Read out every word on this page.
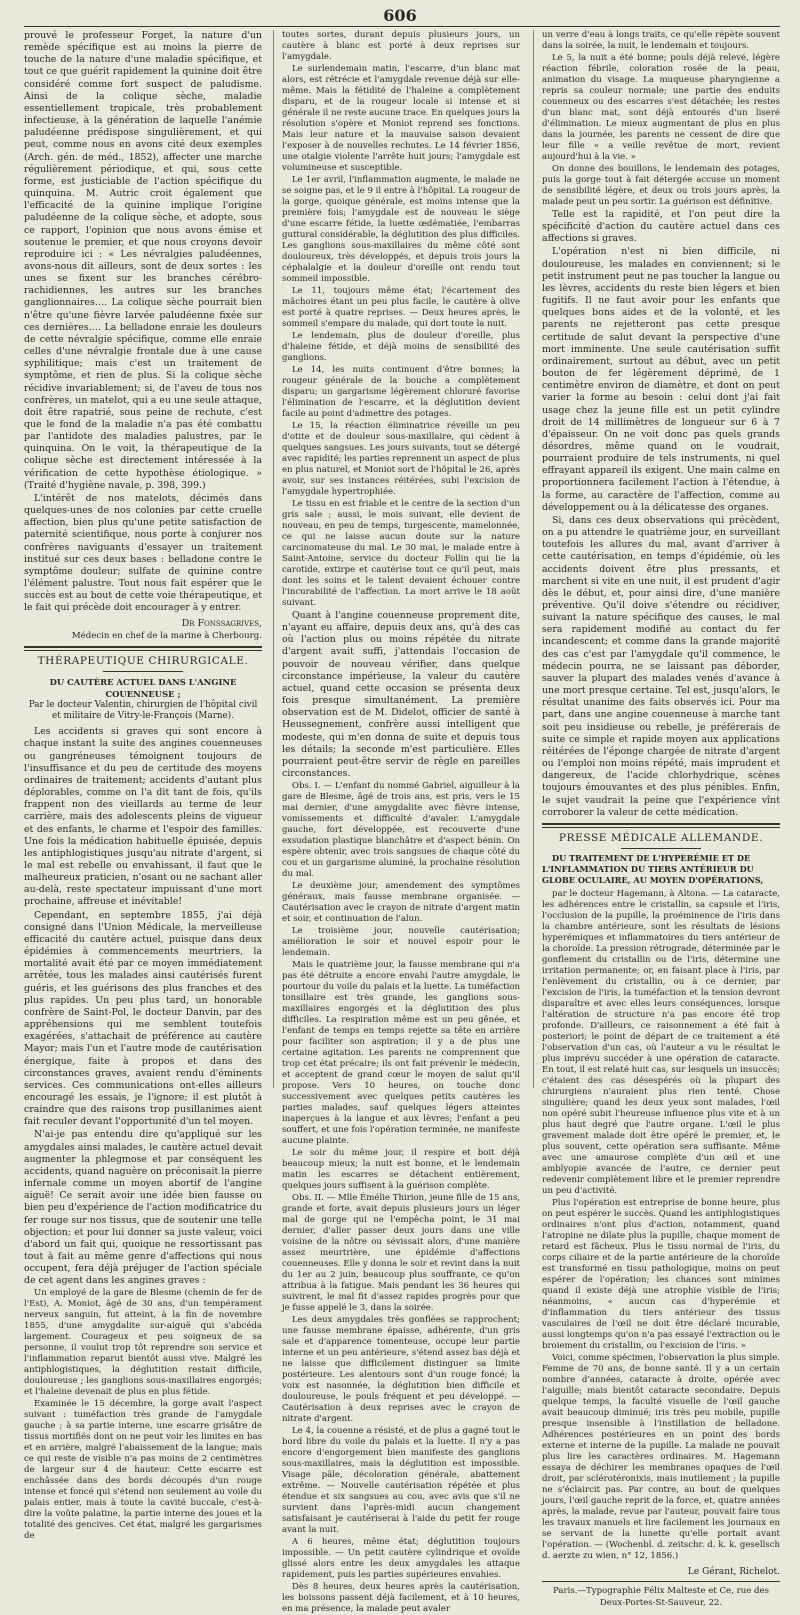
606

prouvé le professeur Forget, la nature d'un remède spécifique est au moins la pierre de touche de la nature d'une maladie spécifique, et tout ce que guérit rapidement la quinine doit être considéré comme fort suspect de paludisme. Ainsi de la colique sèche, maladie essentiellement tropicale, très probablement infectieuse, à la génération de laquelle l'anémie paludéenne prédispose singulièrement, et qui peut, comme nous en avons cité deux exemples (Arch. gén. de méd., 1852), affecter une marche régulièrement périodique, et qui, sous cette forme, est justiciable de l'action spécifique du quinquina. M. Autric croit également que l'efficacité de la quinine implique l'origine paludéenne de la colique sèche, et adopte, sous ce rapport, l'opinion que nous avons émise et soutenue le premier, et que nous croyons devoir reproduire ici : « Les névralgies paludéennes, avons-nous dit ailleurs, sont de deux sortes : les unes se fixent sur les branches cérébro-rachidiennes, les autres sur les branches ganglionnaires…. La colique sèche pourrait bien n'être qu'une fièvre larvée paludéenne fixée sur ces dernières…. La belladone enraie les douleurs de cette névralgie spécifique, comme elle enraie celles d'une névralgie frontale due à une cause syphilitique; mais c'est un traitement de symptôme, et rien de plus. Si la colique sèche récidive invariablement; si, de l'aveu de tous nos confrères, un matelot, qui a eu une seule attaque, doit être rapatrié, sous peine de rechute, c'est que le fond de la maladie n'a pas été combattu par l'antidote des maladies palustres, par le quinquina. On le voit, la thérapeutique de la colique sèche est directement intéressée à la vérification de cette hypothèse étiologique. » (Traité d'hygiène navale, p. 398, 399.)

L'intérêt de nos matelots, décimés dans quelques-unes de nos colonies par cette cruelle affection, bien plus qu'une petite satisfaction de paternité scientifique, nous porte à conjurer nos confrères naviguants d'essayer un traitement institué sur ces deux bases : belladone contre le symptôme douleur; sulfate de quinine contre l'élément palustre. Tout nous fait espérer que le succès est au bout de cette voie thérapeutique, et le fait qui précède doit encourager à y entrer.

Dr Fonssagrives,
Médecin en chef de la marine à Cherbourg.
THÉRAPEUTIQUE CHIRURGICALE.
DU CAUTÈRE ACTUEL DANS L'ANGINE COUENNEUSE ;
Par le docteur Valentin, chirurgien de l'hôpital civil et militaire de Vitry-le-François (Marne).

Les accidents si graves qui sont encore à chaque instant la suite des angines couenneuses ou gangréneuses témoignent toujours de l'insuffisance et du peu de certitude des moyens ordinaires de traitement; accidents d'autant plus déplorables, comme on l'a dit tant de fois, qu'ils frappent non des vieillards au terme de leur carrière, mais des adolescents pleins de vigueur et des enfants, le charme et l'espoir des familles. Une fois la médication habituelle épuisée, depuis les antiphlogistiques jusqu'au nitrate d'argent, si le mal est rebelle ou envahissant, il faut que le malheureux praticien, n'osant ou ne sachant aller au-delà, reste spectateur impuissant d'une mort prochaine, affreuse et inévitable!

Cependant, en septembre 1855, j'ai déjà consigné dans l'Union Médicale, la merveilleuse efficacité du cautère actuel, puisque dans deux épidémies à commencements meurtriers, la mortalité avait été par ce moyen immédiatement arrêtée, tous les malades ainsi cautérisés furent guéris, et les guérisons des plus franches et des plus rapides. Un peu plus tard, un honorable confrère de Saint-Pol, le docteur Danvin, par des appréhensions qui me semblent toutefois exagérées, s'attachait de préférence au cautère Mayor; mais l'un et l'autre mode de cautérisation énergique, faite à propos et dans des circonstances graves, avaient rendu d'éminents services. Ces communications ont-elles ailleurs encouragé les essais, je l'ignore; il est plutôt à craindre que des raisons trop pusillanimes aient fait reculer devant l'opportunité d'un tel moyen.

N'ai-je pas entendu dire qu'appliqué sur les amygdales ainsi malades, le cautère actuel devait augmenter la phlegmose et par conséquent les accidents, quand naguère on préconisait la pierre infernale comme un moyen abortif de l'angine aiguë! Ce serait avoir une idée bien fausse ou bien peu d'expérience de l'action modificatrice du fer rouge sur nos tissus, que de soutenir une telle objection; et pour lui donner sa juste valeur, voici d'abord un fait qui, quoique ne ressortissant pas tout à fait au même genre d'affections qui nous occupent, fera déjà préjuger de l'action spéciale de cet agent dans les angines graves :

Un employé de la gare de Blesme (chemin de fer de l'Est), A. Moniot, âgé de 30 ans, d'un tempérament nerveux sanguin, fut atteint, à la fin de novembre 1855, d'une amygdalite sur-aiguë qui s'abcéda largement. Courageux et peu soigneux de sa personne, il voulut trop tôt reprendre son service et l'inflammation reparut bientôt aussi vive. Malgré les antiphlogistiques, la déglutition restait difficile, douloureuse ; les ganglions sous-maxillaires engorgés; et l'haleine devenait de plus en plus fétide.

Examinée le 15 décembre, la gorge avait l'aspect suivant : tuméfaction très grande de l'amygdale gauche ; à sa partie interne, une escarre grisâtre de tissus mortifiés dont on ne peut voir les limites en bas et en arrière, malgré l'abaissement de la langue; mais ce qui reste de visible n'a pas moins de 2 centimètres de largeur sur 4 de hauteur. Cette escarre est enchâssée dans des bords découpés d'un rouge intense et foncé qui s'étend non seulement au voile du palais entier, mais à toute la cavité buccale, c'est-à-dire la voûte palatine, la partie interne des joues et la totalité des gencives. Cet état, malgré les gargarismes de

toutes sortes, durant depuis plusieurs jours, un cautère à blanc est porté à deux reprises sur l'amygdale.

Le surlendemain matin, l'escarre, d'un blanc mat alors, est rétrécie et l'amygdale revenue déjà sur elle-même. Mais la fétidité de l'haleine a complètement disparu, et de la rougeur locale si intense et si générale il ne reste aucune trace. En quelques jours la résolution s'opère et Moniot reprend ses fonctions. Mais leur nature et la mauvaise saison devaient l'exposer à de nouvelles rechutes. Le 14 février 1856, une otalgie violente l'arrête huit jours; l'amygdale est volumineuse et susceptible.

Le 1er avril, l'inflammation augmente, le malade ne se soigne pas, et le 9 il entre à l'hôpital. La rougeur de la gorge, quoique générale, est moins intense que la première fois; l'amygdale est de nouveau le siège d'une escarre fétide, la luette œdématiée, l'embarras guttural considérable, la déglutition des plus difficiles. Les ganglions sous-maxillaires du même côté sont douloureux, très développés, et depuis trois jours la céphalalgie et la douleur d'oreille ont rendu tout sommeil impossible.

Le 11, toujours même état; l'écartement des mâchoires étant un peu plus facile, le cautère à olive est porté à quatre reprises. — Deux heures après, le sommeil s'empare du malade, qui dort toute la nuit.

Le lendemain, plus de douleur d'oreille, plus d'haleine fétide, et déjà moins de sensibilité des ganglions.

Le 14, les nuits continuent d'être bonnes; la rougeur générale de la bouche a complètement disparu; un gargarisme légèrement chloruré favorise l'élimination de l'escarre, et la déglutition devient facile au point d'admettre des potages.

Le 15, la réaction éliminatrice réveille un peu d'otite et de douleur sous-maxillaire, qui cèdent à quelques sangsues. Les jours suivants, tout se détergé avec rapidité; les parties reprennent un aspect de plus en plus naturel, et Moniot sort de l'hôpital le 26, après avoir, sur ses instances réitérées, subi l'excision de l'amygdale hypertrophiée.

Le tissu en est friable et le centre de la section d'un gris sale ; aussi, le mois suivant, elle devient de nouveau, en peu de temps, turgescente, mamelonnée, ce qui ne laisse aucun doute sur la nature carcinomateuse du mal. Le 30 mai, le malade entre à Saint-Antoine, service du docteur Follin qui lie la carotide, extirpe et cautérise tout ce qu'il peut, mais dont les soins et le talent devaient échouer contre l'incurabilité de l'affection. La mort arrive le 18 août suivant.

Quant à l'angine couenneuse proprement dite, n'ayant eu affaire, depuis deux ans, qu'à des cas où l'action plus ou moins répétée du nitrate d'argent avait suffi, j'attendais l'occasion de pouvoir de nouveau vérifier, dans quelque circonstance impérieuse, la valeur du cautère actuel, quand cette occasion se présenta deux fois presque simultanément. La première observation est de M. Didelot, officier de santé à Heussegnement, confrère aussi intelligent que modeste, qui m'en donna de suite et depuis tous les détails; la seconde m'est particulière. Elles pourraient peut-être servir de règle en pareilles circonstances.

Obs. I. — L'enfant du nommé Gabriel, aiguilleur à la gare de Blesme, âgé de trois ans, est pris, vers le 15 mai dernier, d'une amygdalite avec fièvre intense, vomissements et difficulté d'avaler. L'amygdale gauche, fort développée, est recouverte d'une exsudation plastique blanchâtre et d'aspect bénin. On espère obtenir, avec trois sangsues de chaque côté du cou et un gargarisme aluminé, la prochaine résolution du mal.

Le deuxième jour, amendement des symptômes généraux, mais fausse membrane organisée. — Cautérisation avec le crayon de nitrate d'argent matin et soir, et continuation de l'alun.

Le troisième jour, nouvelle cautérisation; amélioration le soir et nouvel espoir pour le lendemain.

Mais le quatrième jour, la fausse membrane qui n'a pas été détruite a encore envahi l'autre amygdale, le pourtour du voile du palais et la luette. La tuméfaction tonsillaire est très grande, les ganglions sous-maxillaires engorgés et la déglutition des plus difficiles. La respiration même est un peu gênée, et l'enfant de temps en temps rejette sa tête en arrière pour faciliter son aspiration; il y a de plus une certaine agitation. Les parents ne comprennent que trop cet état précaire; ils ont fait prévenir le médecin, et acceptent de grand cœur le moyen de salut qu'il propose. Vers 10 heures, on touche donc successivement avec quelques petits cautères les parties malades, sauf quelques légers atteintes inaperçues à la langue et aux lèvres; l'enfant a peu souffert, et une fois l'opération terminée, ne manifeste aucune plainte.

Le soir du même jour, il respire et boit déjà beaucoup mieux; la nuit est bonne, et le lendemain matin les escarres se détachent entièrement, quelques jours suffisent à la guérison complète.

Obs. II. — Mlle Émélie Thirion, jeune fille de 15 ans, grande et forte, avait depuis plusieurs jours un léger mal de gorge qui ne l'empêcha point, le 31 mai dernier, d'aller passer deux jours dans une ville voisine de la nôtre ou sévissait alors, d'une manière assez meurtrière, une épidémie d'affections couenneuses. Elle y donna le soir et revint dans la nuit du 1er au 2 juin, beaucoup plus souffrante, ce qu'on attribua à la fatigue. Mais pendant les 36 heures qui suivirent, le mal fit d'assez rapides progrès pour que je fusse appelé le 3, dans la soirée.

Les deux amygdales très gonflées se rapprochent; une fausse membrane épaisse, adhérente, d'un gris sale et d'apparence tomenteuse, occupe leur partie interne et un peu antérieure, s'étend assez bas déjà et ne laisse que difficilement distinguer sa limite postérieure. Les alentours sont d'un rouge foncé; la voix est nasonnée, la déglutition bien difficile et douloureuse, le pouls fréquent et peu développé. — Cautérisation à deux reprises avec le crayon de nitrate d'argent.

Le 4, la couenne a résisté, et de plus a gagné tout le bord libre du voile du palais et la luette. Il n'y a pas encore d'engorgement bien manifeste des ganglions sous-maxillaires, mais la déglutition est impossible. Visage pâle, décoloration générale, abattement extrême. — Nouvelle cautérisation répétée et plus étendue et six sangsues au cou, avec avis que s'il ne survient dans l'après-midi aucun changement satisfaisant je cautériserai à l'aide du petit fer rouge avant la nuit.

A 6 heures, même état; déglutition toujours impossible. — Un petit cautère cylindrique et ovoïde glissé alors entre les deux amygdales les attaque rapidement, puis les parties supérieures envahies.

Dès 8 heures, deux heures après la cautérisation, les boissons passent déjà facilement, et à 10 heures, en ma présence, la malade peut avaler

un verre d'eau à longs traits, ce qu'elle répète souvent dans la soirée, la nuit, le lendemain et toujours.

Le 5, la nuit a été bonne; pouls déjà relevé, légère réaction fébrile, coloration rosée de la peau, animation du visage. La muqueuse pharyngienne a repris sa couleur normale; une partie des enduits couenneux ou des escarres s'est détachée; les restes d'un blanc mat, sont déjà entourés d'un liseré d'élimination. Le mieux augmentant de plus en plus dans la journée, les parents ne cessent de dire que leur fille « a veille revêtue de mort, revient aujourd'hui à la vie. »

On donne des bouillons, le lendemain des potages, puis la gorge tout à fait détergée accuse un moment de sensibilité légère, et deux ou trois jours après, la malade peut un peu sortir. La guérison est définitive.

Telle est la rapidité, et l'on peut dire la spécificité d'action du cautère actuel dans ces affections si graves.

L'opération n'est ni bien difficile, ni douloureuse, les malades en conviennent; si le petit instrument peut ne pas toucher la langue ou les lèvres, accidents du reste bien légers et bien fugitifs. Il ne faut avoir pour les enfants que quelques bons aides et de la volonté, et les parents ne rejetteront pas cette presque certitude de salut devant la perspective d'une mort imminente. Une seule cautérisation suffit ordinairement, surtout au début, avec un petit bouton de fer légèrement déprimé, de 1 centimètre environ de diamètre, et dont on peut varier la forme au besoin : celui dont j'ai fait usage chez la jeune fille est un petit cylindre droit de 14 millimètres de longueur sur 6 à 7 d'épaisseur. On ne voit donc pas quels grands désordres, même quand on le voudrait, pourraient produire de tels instruments, ni quel effrayant appareil ils exigent. Une main calme en proportionnera facilement l'action à l'étendue, à la forme, au caractère de l'affection, comme au développement ou à la délicatesse des organes.

Si, dans ces deux observations qui précèdent, on a pu attendre le quatrième jour, en surveillant toutefois les allures du mal, avant d'arriver à cette cautérisation, en temps d'épidémie, où les accidents doivent être plus pressants, et marchent si vite en une nuit, il est prudent d'agir dès le début, et, pour ainsi dire, d'une manière préventive. Qu'il doive s'étendre ou récidiver, suivant la nature spécifique des causes, le mal sera rapidement modifié au contact du fer incandescent; et comme dans la grande majorité des cas c'est par l'amygdale qu'il commence, le médecin pourra, ne se laissant pas déborder, sauver la plupart des malades venés d'avance à une mort presque certaine. Tel est, jusqu'alors, le résultat unanime des faits observés ici. Pour ma part, dans une angine couenneuse à marche tant soit peu insidieuse ou rebelle, je préférerais de suite ce simple et rapide moyen aux applications réitérées de l'éponge chargée de nitrate d'argent ou l'emploi non moins répété, mais imprudent et dangereux, de l'acide chlorhydrique, scènes toujours émouvantes et des plus pénibles. Enfin, le sujet vaudrait la peine que l'expérience vînt corroborer la valeur de cette médication.

PRESSE MÉDICALE ALLEMANDE.
DU TRAITEMENT DE L'HYPERÉMIE ET DE L'INFLAMMATION DU TIERS ANTÉRIEUR DU GLOBE OCULAIRE, AU MOYEN D'OPÉRATIONS,

par le docteur Hagemann, à Altona. — La cataracte, les adhérences entre le cristallin, sa capsule et l'iris, l'occlusion de la pupille, la proéminence de l'iris dans la chambre antérieure, sont les résultats de lésions hyperémiques et inflammatoires du tiers antérieur de la choroïde. La pression rétrograde, déterminée par le gonflement du cristallin ou de l'iris, détermine une irritation permanente; or, en faisant place à l'iris, par l'enlèvement du cristallin, ou à ce dernier, par l'excision de l'iris, la tuméfaction et la tension devront disparaître et avec elles leurs conséquences, lorsque l'altération de structure n'a pas encore été trop profonde. D'ailleurs, ce raisonnement a été fait à posteriori; le point de départ de ce traitement a été l'observation d'un cas, où l'auteur a vu le résultat le plus imprévu succéder à une opération de cataracte. En tout, il est relaté huit cas, sur lesquels un insuccès; c'étaient des cas désespérés où la plupart des chirurgiens n'auraient plus rien tenté. Chose singulière; quand les deux yeux sont malades, l'œil non opéré subit l'heureuse influence plus vite et à un plus haut degré que l'autre organe. L'œil le plus gravement malade doit être opéré le premier, et, le plus souvent, cette opération sera suffisante. Même avec une amaurose complète d'un œil et une amblyopie avancée de l'autre, ce dernier peut redevenir complètement libre et le premier reprendre un peu d'activité.

Plus l'opération est entreprise de bonne heure, plus on peut espérer le succès. Quand les antiphlogistiques ordinaires n'ont plus d'action, notamment, quand l'atropine ne dilate plus la pupille, chaque moment de retard est fâcheux. Plus le tissu normal de l'iris, du corps ciliaire et de la partie antérieure de la choroïde est transformé en tissu pathologique, moins on peut espérer de l'opération; les chances sont minimes quand il existe déjà une atrophie visible de l'iris; néanmoins, « aucun cas d'hyperémie et d'inflammation du tiers antérieur des tissus vasculaires de l'œil ne doit être déclaré incurable, aussi longtemps qu'on n'a pas essayé l'extraction ou le broiement du cristallin, ou l'excision de l'iris. »

Voici, comme spécimen, l'observation la plus simple. Femme de 70 ans, de bonne santé. Il y a un certain nombre d'années, cataracte à droite, opérée avec l'aiguille; mais bientôt cataracte secondaire. Depuis quelque temps, la faculté visuelle de l'œil gauche avait beaucoup diminué; iris très peu mobile, pupille presque insensible à l'instillation de belladone. Adhérences postérieures en un point des bords externe et interne de la pupille. La malade ne pouvait plus lire les caractères ordinaires. M. Hagemann essaya de déchirer les membranes opaques de l'œil droit, par sclérotéronixis, mais inutilement ; la pupille ne s'éclaircit pas. Par contre, au bout de quelques jours, l'œil gauche reprit de la force, et, quatre années après, la malade, revue par l'auteur, pouvait faire tous les travaux manuels et lire facilement les journaux en se servant de la lunette qu'elle portait avant l'opération. — (Wochenbl. d. zeitschr. d. k. k. gesellsch d. aerzte zu wien, n° 12, 1856.)

Le Gérant, Richelot.
Paris.—Typographie Félix Malteste et Ce, rue des Deux-Portes-St-Sauveur, 22.
